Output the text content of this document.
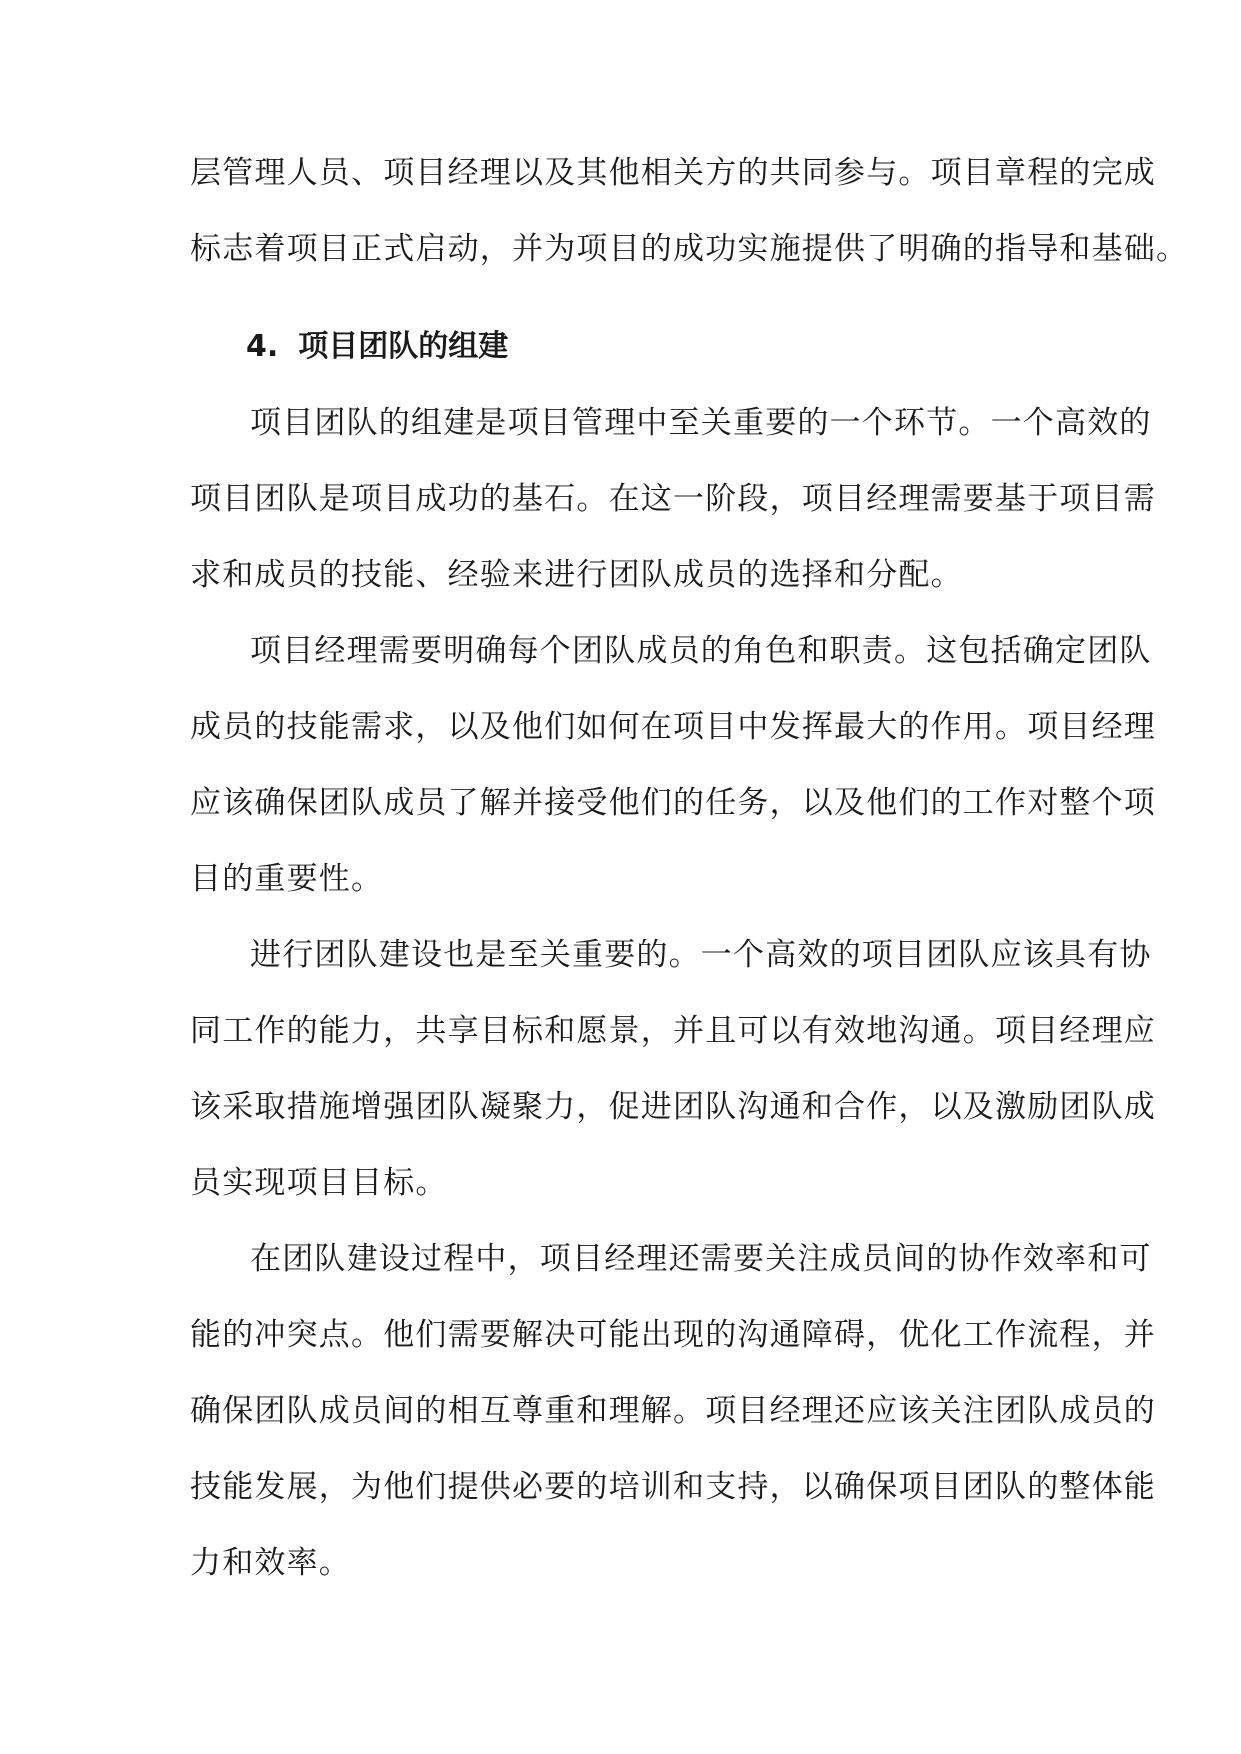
层管理人员、项目经理以及其他相关方的共同参与。项目章程的完成
标志着项目正式启动，并为项目的成功实施提供了明确的指导和基础。
4. 项目团队的组建
项目团队的组建是项目管理中至关重要的一个环节。一个高效的
项目团队是项目成功的基石。在这一阶段，项目经理需要基于项目需
求和成员的技能、经验来进行团队成员的选择和分配。
项目经理需要明确每个团队成员的角色和职责。这包括确定团队
成员的技能需求，以及他们如何在项目中发挥最大的作用。项目经理
应该确保团队成员了解并接受他们的任务，以及他们的工作对整个项
目的重要性。
进行团队建设也是至关重要的。一个高效的项目团队应该具有协
同工作的能力，共享目标和愿景，并且可以有效地沟通。项目经理应
该采取措施增强团队凝聚力，促进团队沟通和合作，以及激励团队成
员实现项目目标。
在团队建设过程中，项目经理还需要关注成员间的协作效率和可
能的冲突点。他们需要解决可能出现的沟通障碍，优化工作流程，并
确保团队成员间的相互尊重和理解。项目经理还应该关注团队成员的
技能发展，为他们提供必要的培训和支持，以确保项目团队的整体能
力和效率。
